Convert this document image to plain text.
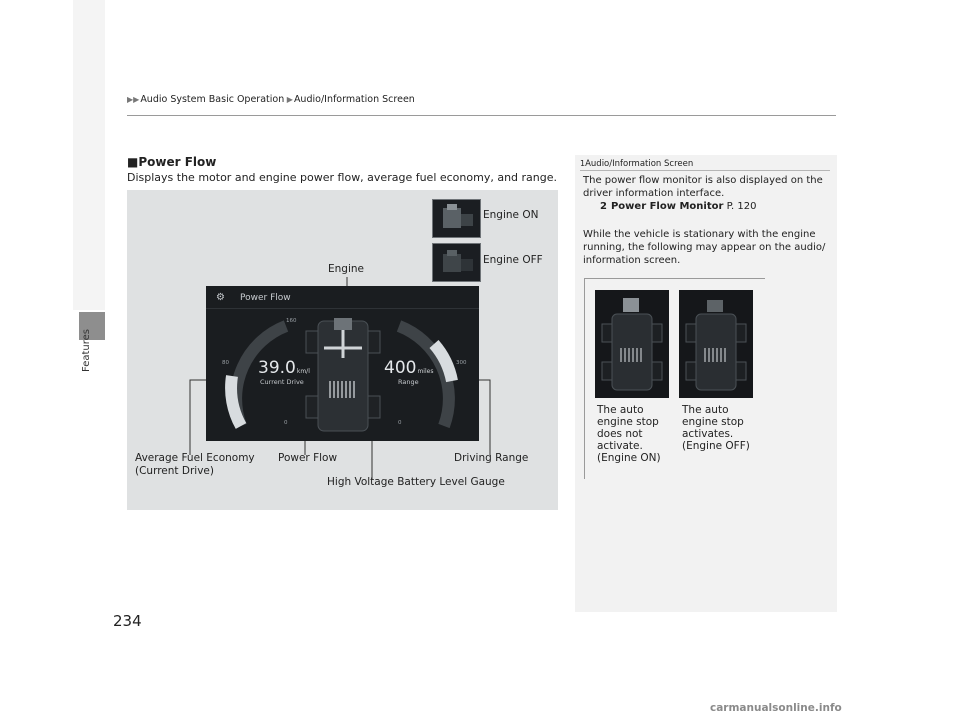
▶▶Audio System Basic Operation ▶Audio/Information Screen
Features
234
■Power Flow
Displays the motor and engine power flow, average fuel economy, and range.
Engine ON
Engine OFF
Engine
⚙ Power Flow
160
80
0
300
0
39.0km/l
Current Drive
400miles
Range
Average Fuel Economy
(Current Drive)
Power Flow	Driving Range
High Voltage Battery Level Gauge
1Audio/Information Screen
The power flow monitor is also displayed on the
driver information interface.
2 Power Flow Monitor P. 120
While the vehicle is stationary with the engine
running, the following may appear on the audio/
information screen.
The auto
engine stop
does not
activate.
(Engine ON)
The auto
engine stop
activates.
(Engine OFF)
carmanualsonline.info
